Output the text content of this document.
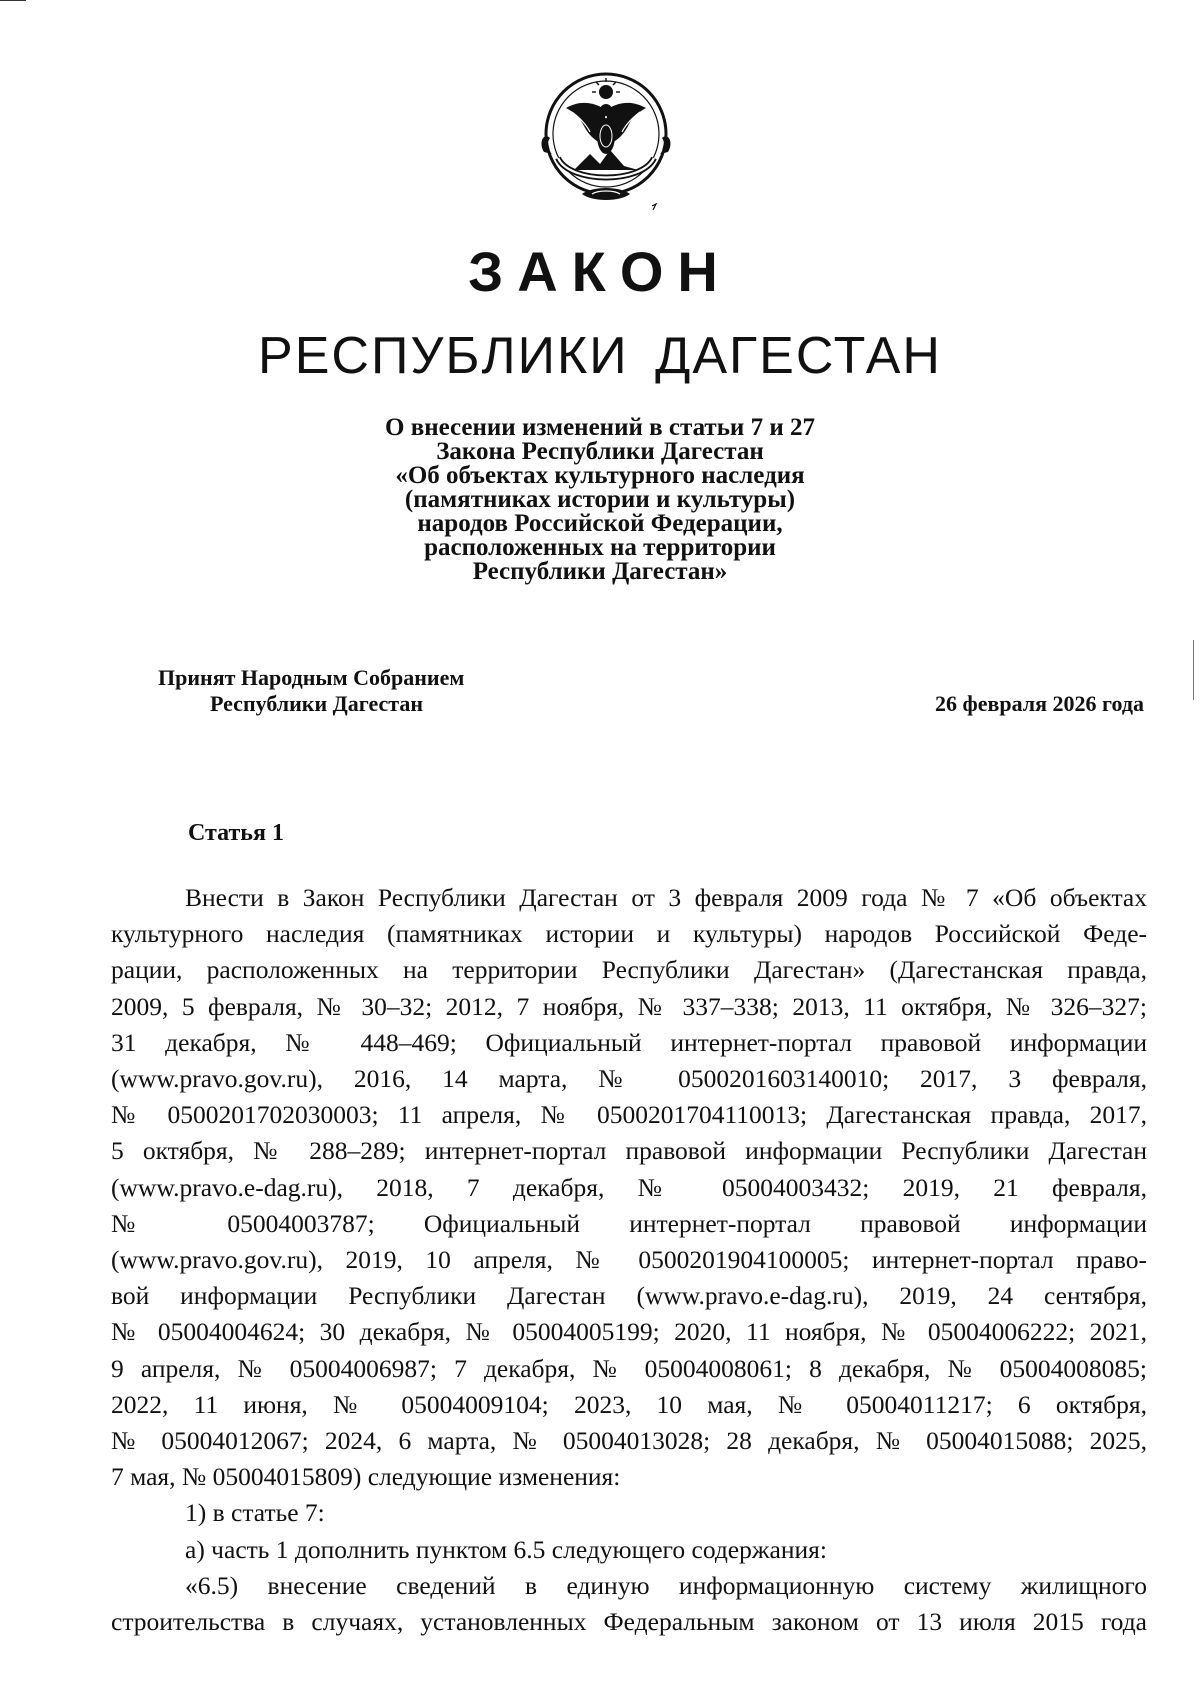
ЗАКОН
РЕСПУБЛИКИ ДАГЕСТАН
О внесении изменений в статьи 7 и 27
Закона Республики Дагестан
«Об объектах культурного наследия
(памятниках истории и культуры)
народов Российской Федерации,
расположенных на территории
Республики Дагестан»
Принят Народным Собранием
Республики Дагестан	26 февраля 2026 года
Статья 1

Внести в Закон Республики Дагестан от 3 февраля 2009 года № 7 «Об объектах

культурного наследия (памятниках истории и культуры) народов Российской Феде-

рации, расположенных на территории Республики Дагестан» (Дагестанская правда,

2009, 5 февраля, № 30–32; 2012, 7 ноября, № 337–338; 2013, 11 октября, № 326–327;

31 декабря, № 448–469; Официальный интернет-портал правовой информации

(www.pravo.gov.ru), 2016, 14 марта, № 0500201603140010; 2017, 3 февраля,

№ 0500201702030003; 11 апреля, № 0500201704110013; Дагестанская правда, 2017,

5 октября, № 288–289; интернет-портал правовой информации Республики Дагестан

(www.pravo.e-dag.ru), 2018, 7 декабря, № 05004003432; 2019, 21 февраля,

№ 05004003787; Официальный интернет-портал правовой информации

(www.pravo.gov.ru), 2019, 10 апреля, № 0500201904100005; интернет-портал право-

вой информации Республики Дагестан (www.pravo.e-dag.ru), 2019, 24 сентября,

№ 05004004624; 30 декабря, № 05004005199; 2020, 11 ноября, № 05004006222; 2021,

9 апреля, № 05004006987; 7 декабря, № 05004008061; 8 декабря, № 05004008085;

2022, 11 июня, № 05004009104; 2023, 10 мая, № 05004011217; 6 октября,

№ 05004012067; 2024, 6 марта, № 05004013028; 28 декабря, № 05004015088; 2025,

7 мая, № 05004015809) следующие изменения:

1) в статье 7:

а) часть 1 дополнить пунктом 6.5 следующего содержания:

«6.5) внесение сведений в единую информационную систему жилищного

строительства в случаях, установленных Федеральным законом от 13 июля 2015 года
